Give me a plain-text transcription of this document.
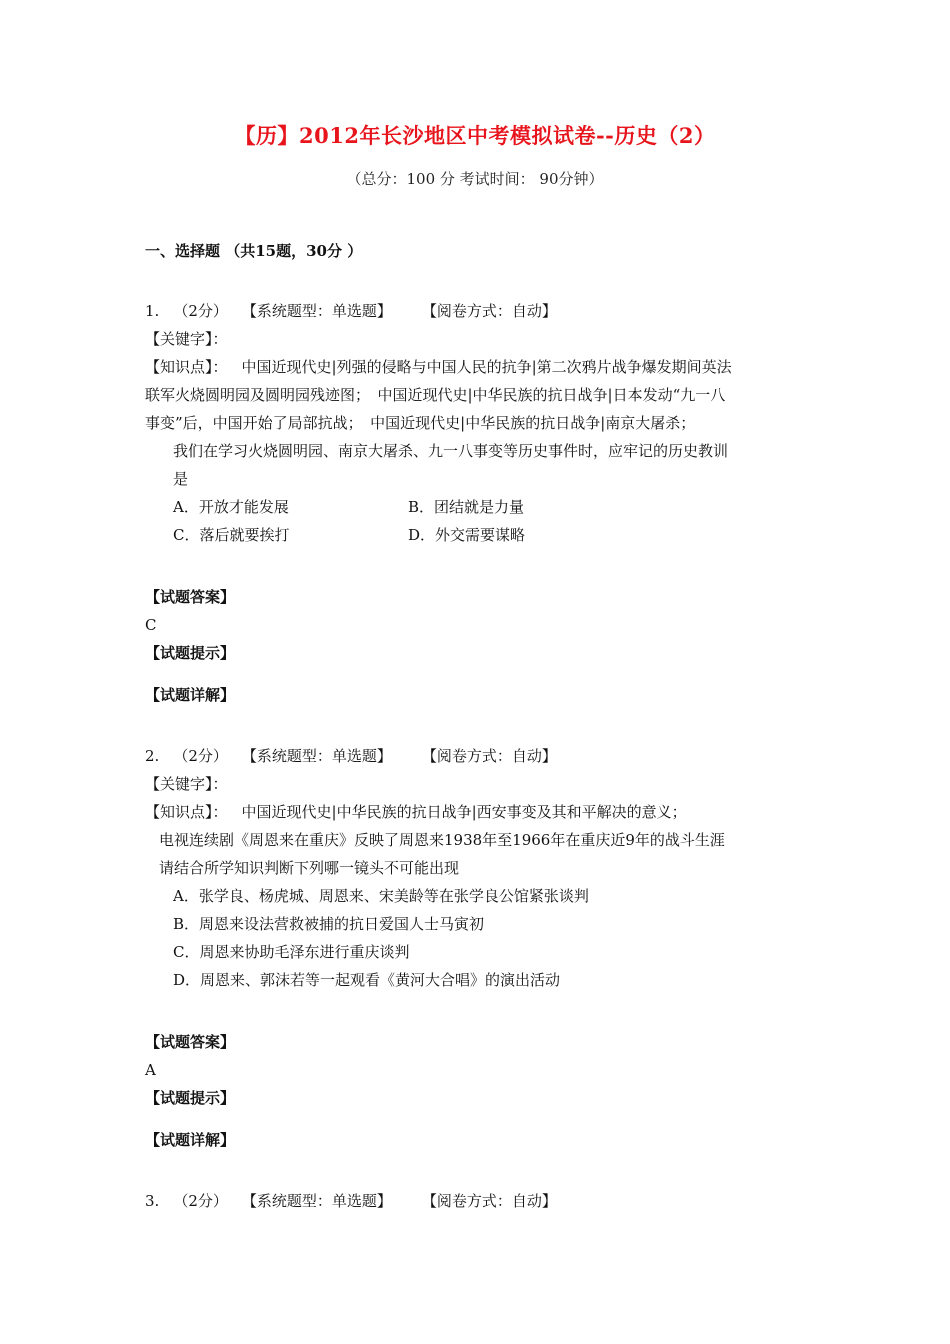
【历】2012年长沙地区中考模拟试卷--历史（2）
（总分：100 分 考试时间： 90分钟）
一、选择题 （共15题，30分 ）
1. （2分） 【系统题型：单选题】 【阅卷方式：自动】
【关键字】：
【知识点】： 中国近现代史|列强的侵略与中国人民的抗争|第二次鸦片战争爆发期间英法
联军火烧圆明园及圆明园残迹图；　中国近现代史|中华民族的抗日战争|日本发动“九一八
事变”后，中国开始了局部抗战；　中国近现代史|中华民族的抗日战争|南京大屠杀；
我们在学习火烧圆明园、南京大屠杀、九一八事变等历史事件时，应牢记的历史教训
是
A．开放才能发展	B．团结就是力量
C．落后就要挨打	D．外交需要谋略
【试题答案】
C
【试题提示】
【试题详解】
2. （2分） 【系统题型：单选题】 【阅卷方式：自动】
【关键字】：
【知识点】： 中国近现代史|中华民族的抗日战争|西安事变及其和平解决的意义；
电视连续剧《周恩来在重庆》反映了周恩来1938年至1966年在重庆近9年的战斗生涯
请结合所学知识判断下列哪一镜头不可能出现
A．张学良、杨虎城、周恩来、宋美龄等在张学良公馆紧张谈判
B．周恩来设法营救被捕的抗日爱国人士马寅初
C．周恩来协助毛泽东进行重庆谈判
D．周恩来、郭沫若等一起观看《黄河大合唱》的演出活动
【试题答案】
A
【试题提示】
【试题详解】
3. （2分） 【系统题型：单选题】 【阅卷方式：自动】
